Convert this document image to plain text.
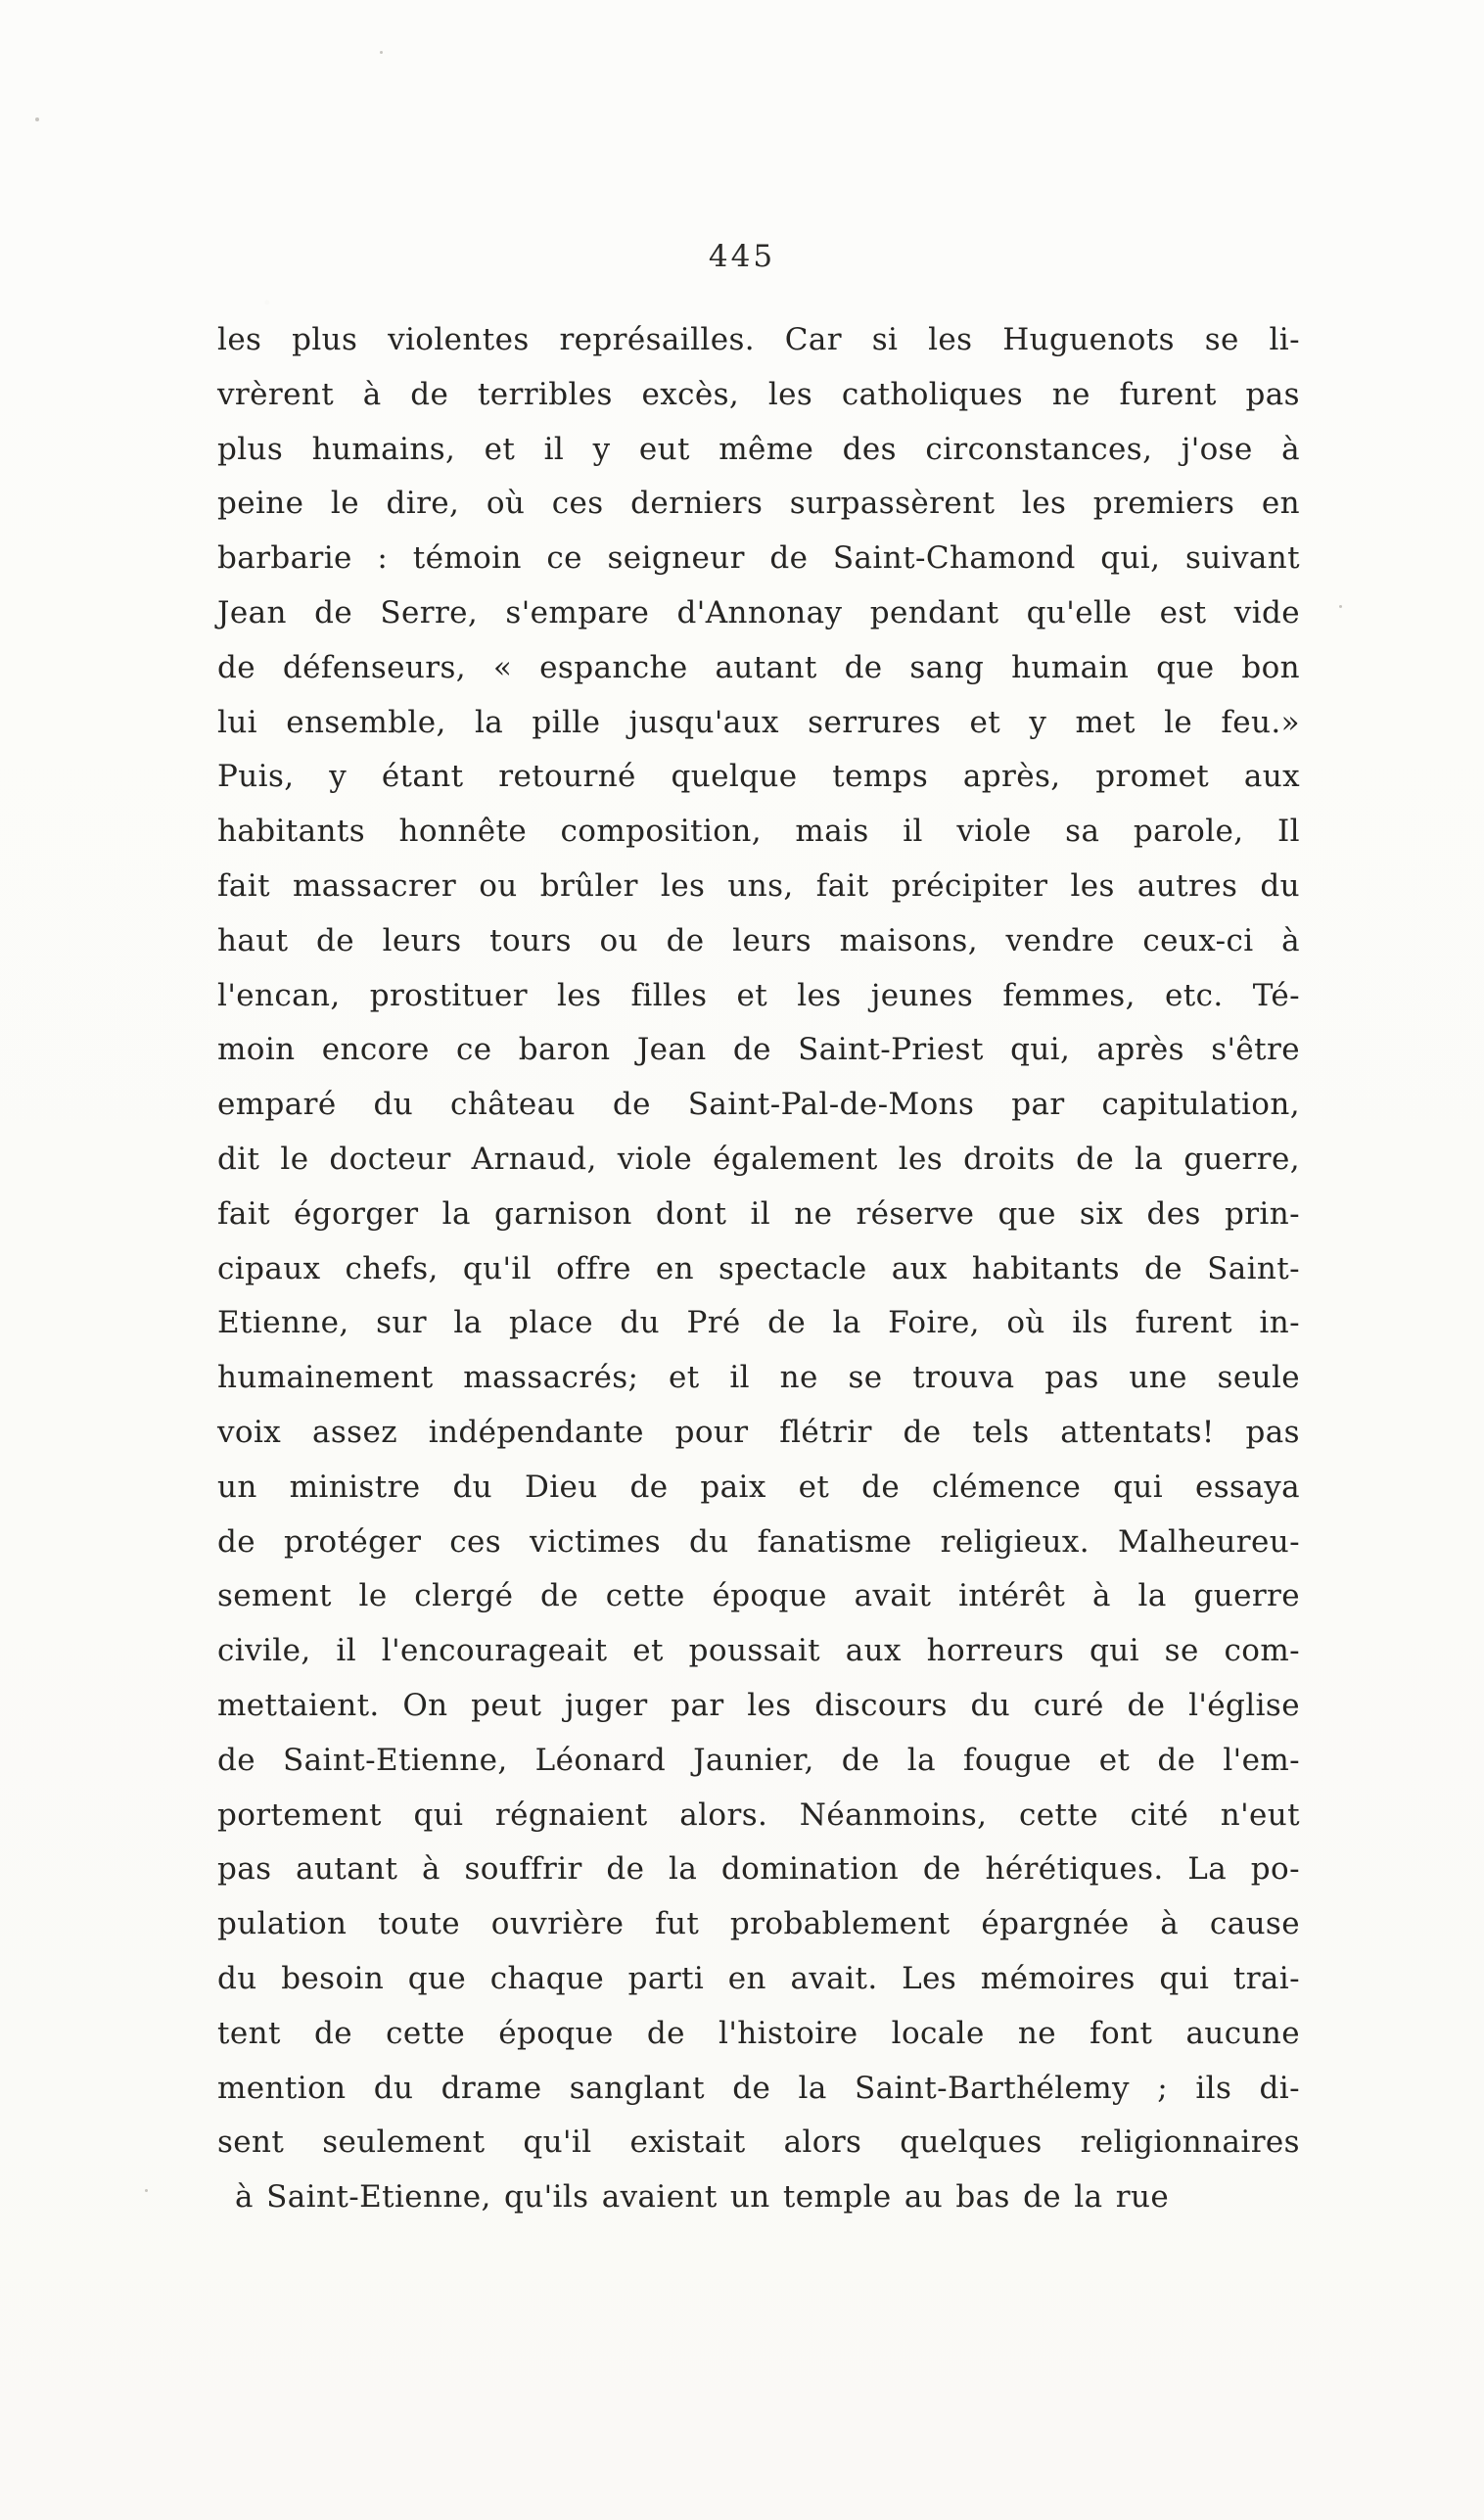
445
les plus violentes représailles. Car si les Huguenots se li-
vrèrent à de terribles excès, les catholiques ne furent pas
plus humains, et il y eut même des circonstances, j'ose à
peine le dire, où ces derniers surpassèrent les premiers en
barbarie : témoin ce seigneur de Saint-Chamond qui, suivant
Jean de Serre, s'empare d'Annonay pendant qu'elle est vide
de défenseurs, « espanche autant de sang humain que bon
lui ensemble, la pille jusqu'aux serrures et y met le feu.»
Puis, y étant retourné quelque temps après, promet aux
habitants honnête composition, mais il viole sa parole, Il
fait massacrer ou brûler les uns, fait précipiter les autres du
haut de leurs tours ou de leurs maisons, vendre ceux-ci à
l'encan, prostituer les filles et les jeunes femmes, etc. Té-
moin encore ce baron Jean de Saint-Priest qui, après s'être
emparé du château de Saint-Pal-de-Mons par capitulation,
dit le docteur Arnaud, viole également les droits de la guerre,
fait égorger la garnison dont il ne réserve que six des prin-
cipaux chefs, qu'il offre en spectacle aux habitants de Saint-
Etienne, sur la place du Pré de la Foire, où ils furent in-
humainement massacrés; et il ne se trouva pas une seule
voix assez indépendante pour flétrir de tels attentats! pas
un ministre du Dieu de paix et de clémence qui essaya
de protéger ces victimes du fanatisme religieux. Malheureu-
sement le clergé de cette époque avait intérêt à la guerre
civile, il l'encourageait et poussait aux horreurs qui se com-
mettaient. On peut juger par les discours du curé de l'église
de Saint-Etienne, Léonard Jaunier, de la fougue et de l'em-
portement qui régnaient alors. Néanmoins, cette cité n'eut
pas autant à souffrir de la domination de hérétiques. La po-
pulation toute ouvrière fut probablement épargnée à cause
du besoin que chaque parti en avait. Les mémoires qui trai-
tent de cette époque de l'histoire locale ne font aucune
mention du drame sanglant de la Saint-Barthélemy ; ils di-
sent seulement qu'il existait alors quelques religionnaires
à Saint-Etienne, qu'ils avaient un temple au bas de la rue
